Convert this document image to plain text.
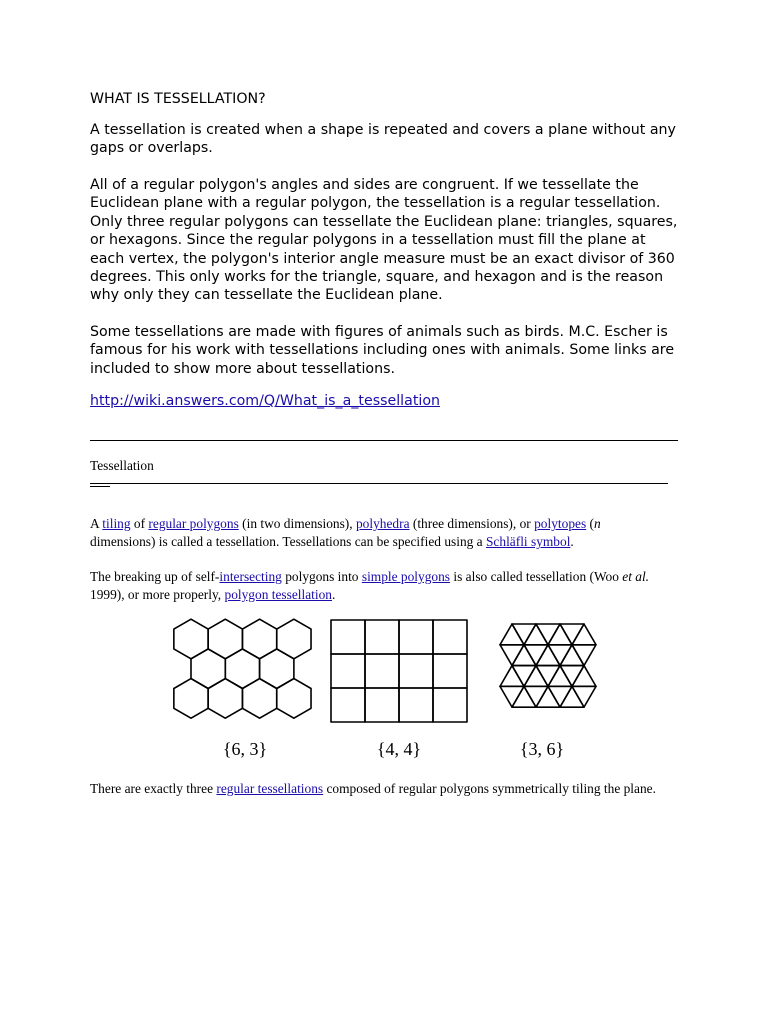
WHAT IS TESSELLATION?

A tessellation is created when a shape is repeated and covers a plane without any gaps or overlaps.

All of a regular polygon's angles and sides are congruent. If we tessellate the Euclidean plane with a regular polygon, the tessellation is a regular tessellation. Only three regular polygons can tessellate the Euclidean plane: triangles, squares, or hexagons. Since the regular polygons in a tessellation must fill the plane at each vertex, the polygon's interior angle measure must be an exact divisor of 360 degrees. This only works for the triangle, square, and hexagon and is the reason why only they can tessellate the Euclidean plane.

Some tessellations are made with figures of animals such as birds. M.C. Escher is famous for his work with tessellations including ones with animals. Some links are included to show more about tessellations.

http://wiki.answers.com/Q/What_is_a_tessellation

Tessellation

A tiling of regular polygons (in two dimensions), polyhedra (three dimensions), or polytopes (n
dimensions) is called a tessellation. Tessellations can be specified using a Schläfli symbol.

The breaking up of self-intersecting polygons into simple polygons is also called tessellation (Woo et al. 1999), or more properly, polygon tessellation.

{6, 3}	{4, 4}	{3, 6}

There are exactly three regular tessellations composed of regular polygons symmetrically tiling the plane.
